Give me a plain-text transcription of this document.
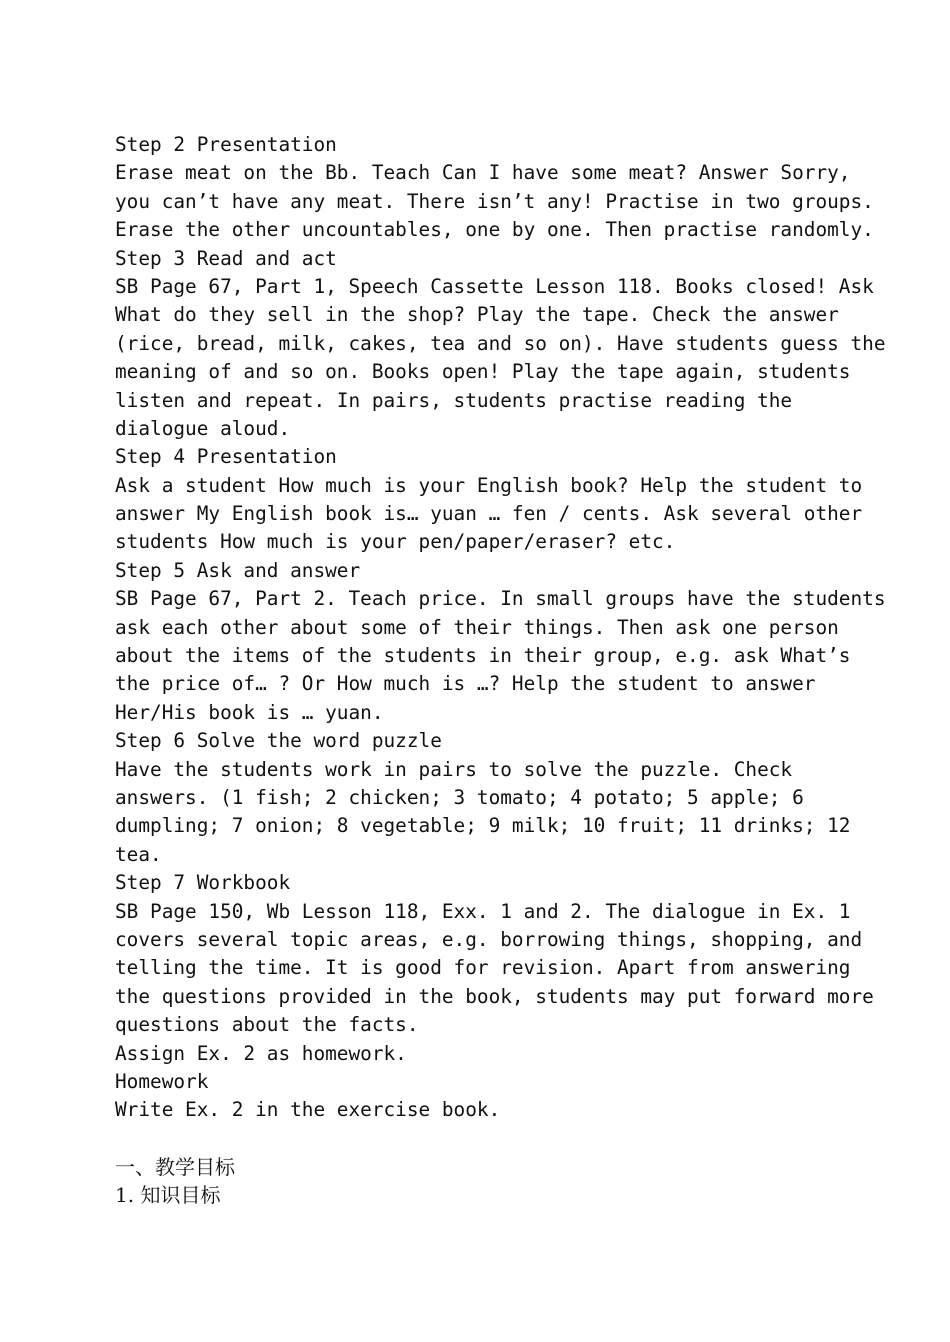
Step 2 Presentation
Erase meat on the Bb. Teach Can I have some meat? Answer Sorry,
you can’t have any meat. There isn’t any! Practise in two groups.
Erase the other uncountables, one by one. Then practise randomly.
Step 3 Read and act
SB Page 67, Part 1, Speech Cassette Lesson 118. Books closed! Ask
What do they sell in the shop? Play the tape. Check the answer
(rice, bread, milk, cakes, tea and so on). Have students guess the
meaning of and so on. Books open! Play the tape again, students
listen and repeat. In pairs, students practise reading the
dialogue aloud.
Step 4 Presentation
Ask a student How much is your English book? Help the student to
answer My English book is… yuan … fen / cents. Ask several other
students How much is your pen/paper/eraser? etc.
Step 5 Ask and answer
SB Page 67, Part 2. Teach price. In small groups have the students
ask each other about some of their things. Then ask one person
about the items of the students in their group, e.g. ask What’s
the price of… ? Or How much is …? Help the student to answer
Her/His book is … yuan.
Step 6 Solve the word puzzle
Have the students work in pairs to solve the puzzle. Check
answers. (1 fish; 2 chicken; 3 tomato; 4 potato; 5 apple; 6
dumpling; 7 onion; 8 vegetable; 9 milk; 10 fruit; 11 drinks; 12
tea.
Step 7 Workbook
SB Page 150, Wb Lesson 118, Exx. 1 and 2. The dialogue in Ex. 1
covers several topic areas, e.g. borrowing things, shopping, and
telling the time. It is good for revision. Apart from answering
the questions provided in the book, students may put forward more
questions about the facts.
Assign Ex. 2 as homework.
Homework
Write Ex. 2 in the exercise book.
一、教学目标
1. 知识目标
